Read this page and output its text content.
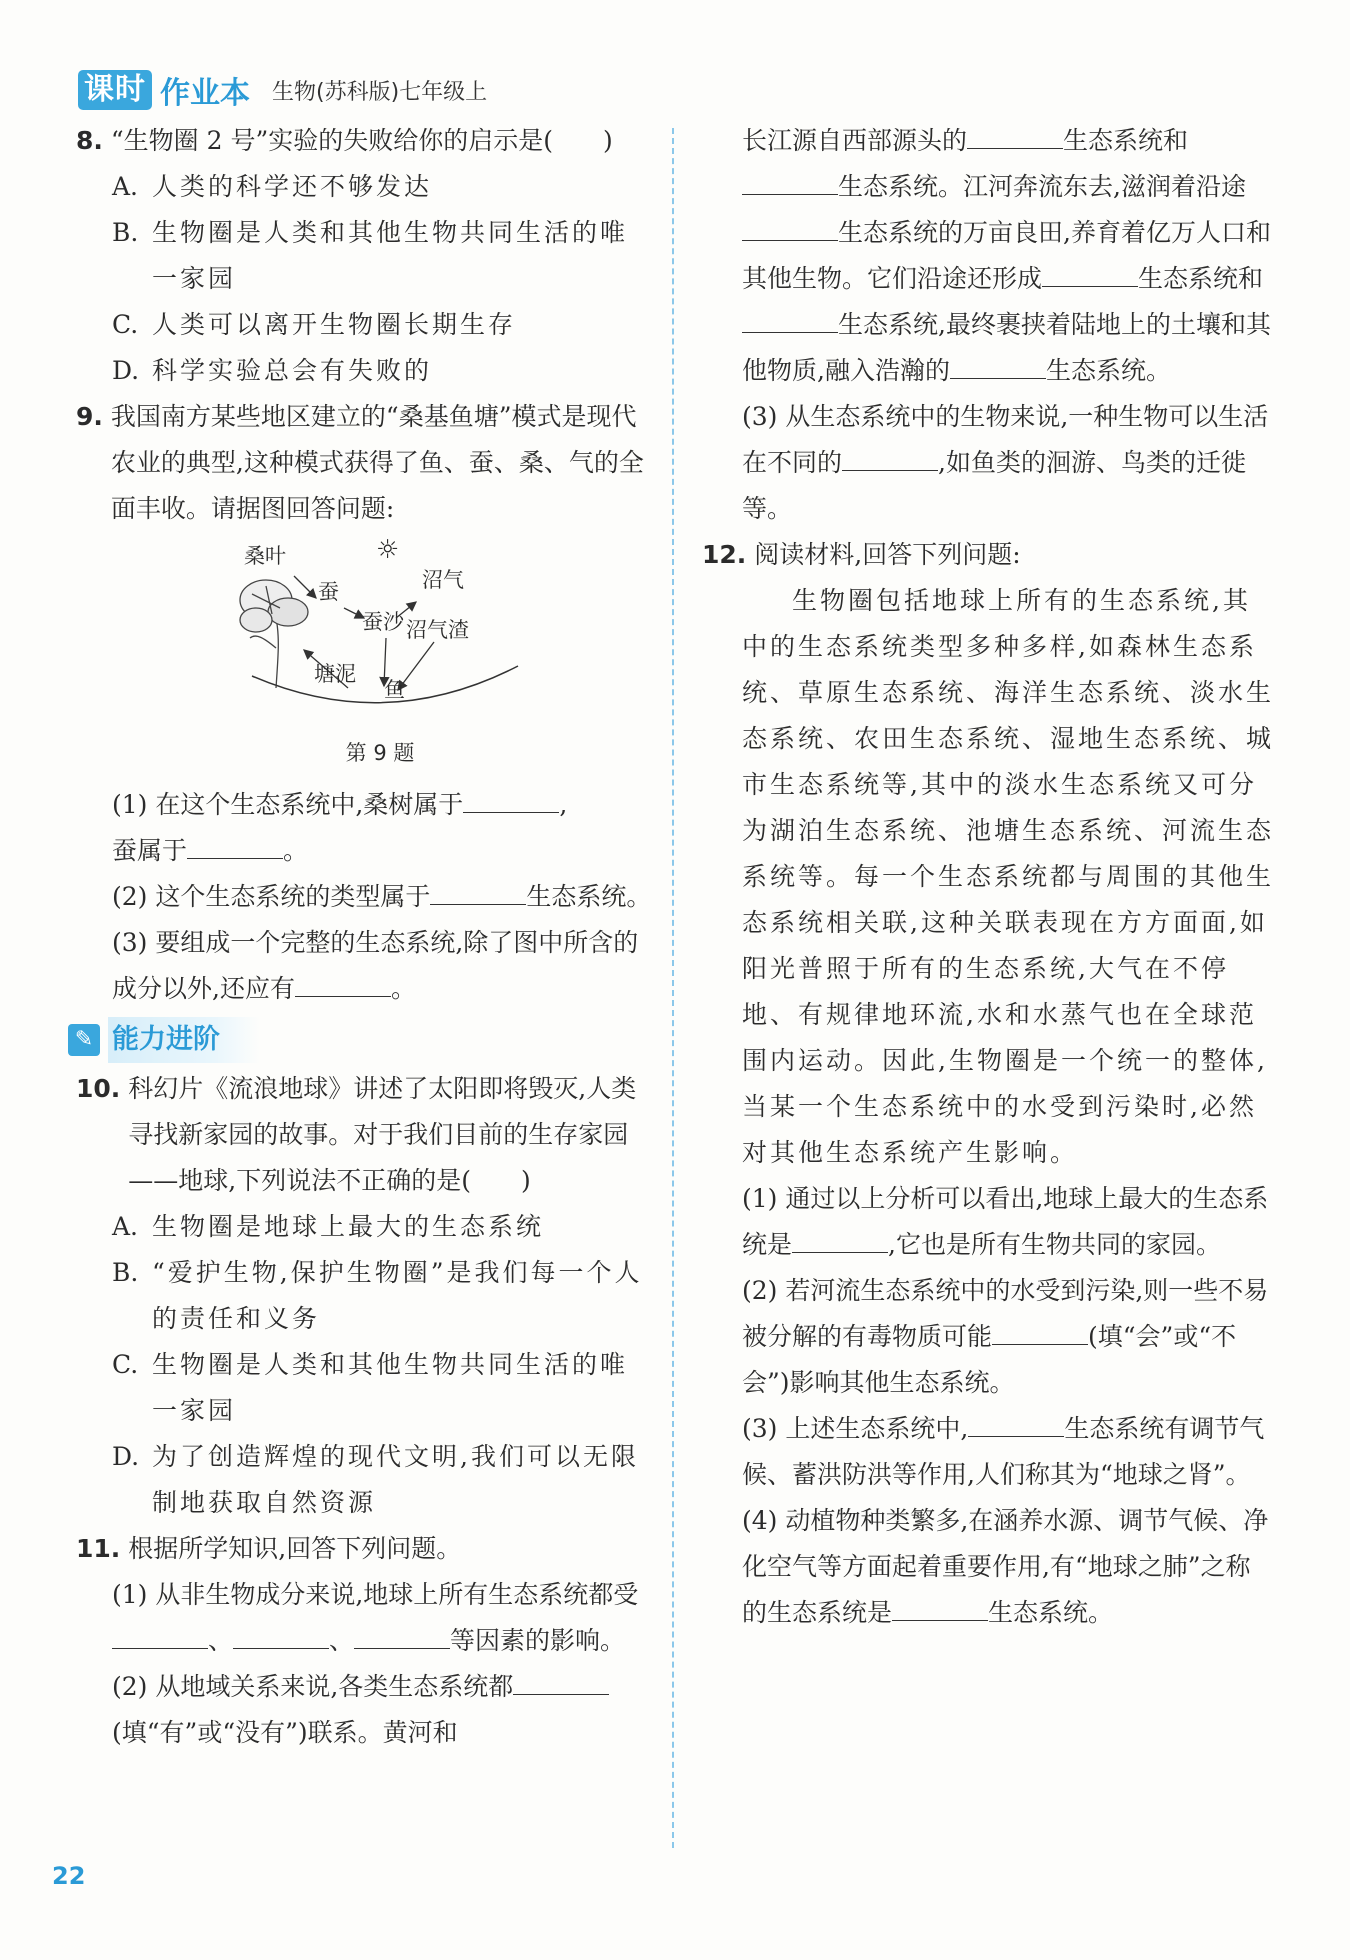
课时 作业本 生物(苏科版)七年级上
8. “生物圈 2 号”实验的失败给你的启示是(　　)
A. 人类的科学还不够发达
B. 生物圈是人类和其他生物共同生活的唯一家园
C. 人类可以离开生物圈长期生存
D. 科学实验总会有失败的
9. 我国南方某些地区建立的“桑基鱼塘”模式是现代农业的典型,这种模式获得了鱼、蚕、桑、气的全面丰收。请据图回答问题:
桑叶	☼
蚕	沼气
蚕沙 沼气渣
塘泥
鱼
第 9 题
(1) 在这个生态系统中,桑树属于	,
蚕属于	。
(2) 这个生态系统的类型属于	生态系统。
(3) 要组成一个完整的生态系统,除了图中所含的成分以外,还应有	。
✎ 能力进阶
10. 科幻片《流浪地球》讲述了太阳即将毁灭,人类寻找新家园的故事。对于我们目前的生存家园——地球,下列说法不正确的是(　　)
A. 生物圈是地球上最大的生态系统
B. “爱护生物,保护生物圈”是我们每一个人的责任和义务
C. 生物圈是人类和其他生物共同生活的唯一家园
D. 为了创造辉煌的现代文明,我们可以无限制地获取自然资源
11. 根据所学知识,回答下列问题。
(1) 从非生物成分来说,地球上所有生态系统都受、	、	等因素的影响。
(2) 从地域关系来说,各类生态系统都(填“有”或“没有”)联系。黄河和
长江源自西部源头的	生态系统和生态系统。江河奔流东去,滋润着沿途生态系统的万亩良田,养育着亿万人口和其他生物。它们沿途还形成	生态系统和生态系统,最终裹挟着陆地上的土壤和其他物质,融入浩瀚的	生态系统。
(3) 从生态系统中的生物来说,一种生物可以生活在不同的	,如鱼类的洄游、鸟类的迁徙等。
12. 阅读材料,回答下列问题:
生物圈包括地球上所有的生态系统,其中的生态系统类型多种多样,如森林生态系统、草原生态系统、海洋生态系统、淡水生态系统、农田生态系统、湿地生态系统、城市生态系统等,其中的淡水生态系统又可分为湖泊生态系统、池塘生态系统、河流生态系统等。每一个生态系统都与周围的其他生态系统相关联,这种关联表现在方方面面,如阳光普照于所有的生态系统,大气在不停地、有规律地环流,水和水蒸气也在全球范围内运动。因此,生物圈是一个统一的整体,当某一个生态系统中的水受到污染时,必然对其他生态系统产生影响。
(1) 通过以上分析可以看出,地球上最大的生态系统是	,它也是所有生物共同的家园。
(2) 若河流生态系统中的水受到污染,则一些不易被分解的有毒物质可能	(填“会”或“不会”)影响其他生态系统。
(3) 上述生态系统中,	生态系统有调节气候、蓄洪防洪等作用,人们称其为“地球之肾”。
(4) 动植物种类繁多,在涵养水源、调节气候、净化空气等方面起着重要作用,有“地球之肺”之称的生态系统是	生态系统。
22
